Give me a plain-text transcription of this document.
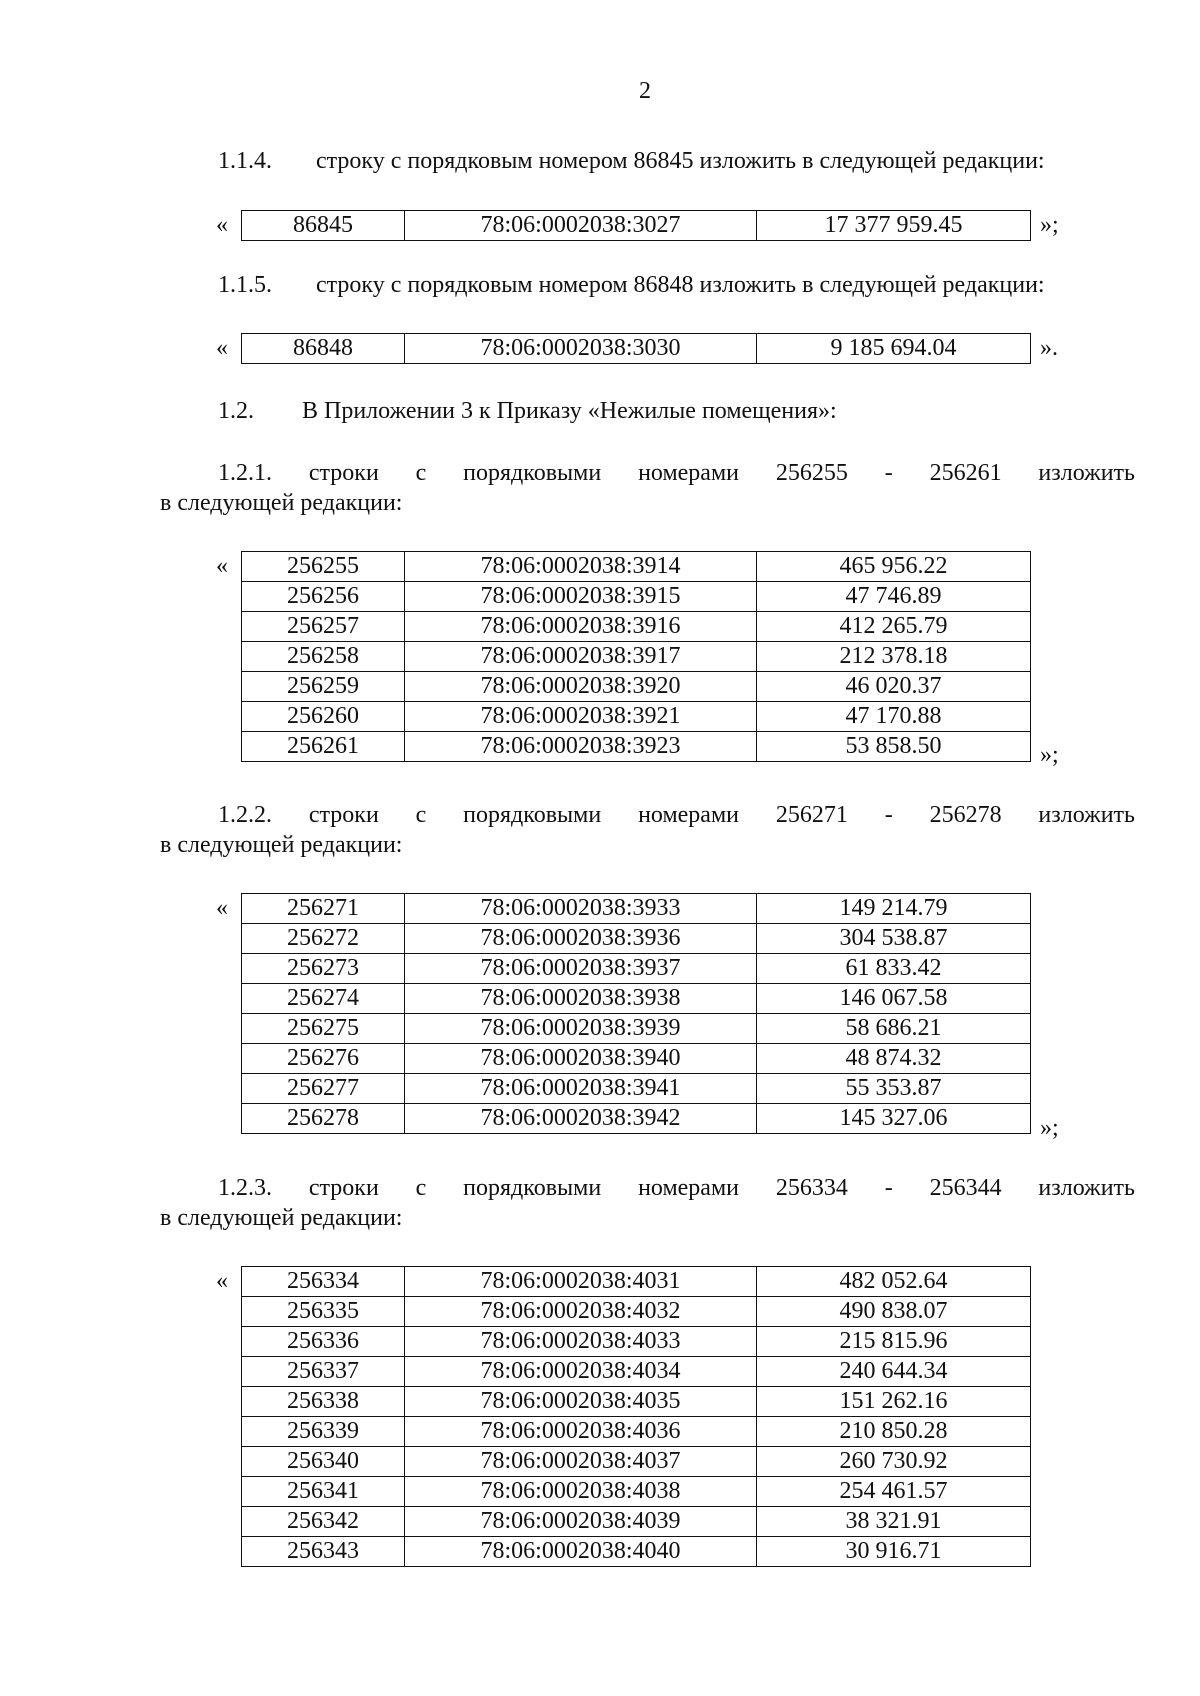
2
1.1.4. строку с порядковым номером 86845 изложить в следующей редакции:
«	86845	78:06:0002038:3027	17 377 959.45	»;
1.1.5. строку с порядковым номером 86848 изложить в следующей редакции:
«	86848	78:06:0002038:3030	9 185 694.04	».
1.2. В Приложении 3 к Приказу «Нежилые помещения»:
1.2.1. строки с порядковыми номерами 256255 - 256261 изложить
в следующей редакции:
« 256255	78:06:0002038:3914	465 956.22
256256	78:06:0002038:3915	47 746.89
256257	78:06:0002038:3916	412 265.79
256258	78:06:0002038:3917	212 378.18
256259	78:06:0002038:3920	46 020.37
256260	78:06:0002038:3921	47 170.88
256261	78:06:0002038:3923	53 858.50	»;
1.2.2. строки с порядковыми номерами 256271 - 256278 изложить
в следующей редакции:
« 256271	78:06:0002038:3933	149 214.79
256272	78:06:0002038:3936	304 538.87
256273	78:06:0002038:3937	61 833.42
256274	78:06:0002038:3938	146 067.58
256275	78:06:0002038:3939	58 686.21
256276	78:06:0002038:3940	48 874.32
256277	78:06:0002038:3941	55 353.87
256278	78:06:0002038:3942	145 327.06	»;
1.2.3. строки с порядковыми номерами 256334 - 256344 изложить
в следующей редакции:
« 256334	78:06:0002038:4031	482 052.64
256335	78:06:0002038:4032	490 838.07
256336	78:06:0002038:4033	215 815.96
256337	78:06:0002038:4034	240 644.34
256338	78:06:0002038:4035	151 262.16
256339	78:06:0002038:4036	210 850.28
256340	78:06:0002038:4037	260 730.92
256341	78:06:0002038:4038	254 461.57
256342	78:06:0002038:4039	38 321.91
256343	78:06:0002038:4040	30 916.71
